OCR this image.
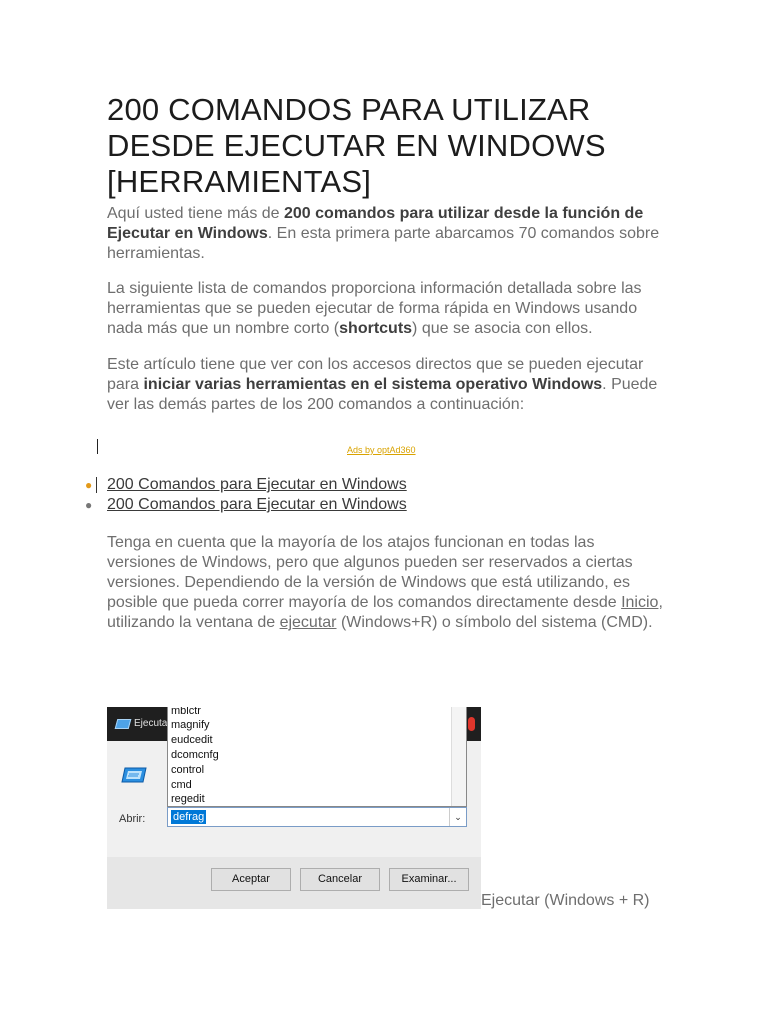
200 COMANDOS PARA UTILIZAR DESDE EJECUTAR EN WINDOWS [HERRAMIENTAS]

Aquí usted tiene más de 200 comandos para utilizar desde la función de Ejecutar en Windows. En esta primera parte abarcamos 70 comandos sobre herramientas.

La siguiente lista de comandos proporciona información detallada sobre las herramientas que se pueden ejecutar de forma rápida en Windows usando nada más que un nombre corto (shortcuts) que se asocia con ellos.

Este artículo tiene que ver con los accesos directos que se pueden ejecutar para iniciar varias herramientas en el sistema operativo Windows. Puede ver las demás partes de los 200 comandos a continuación:

Ads by optAd360
● 200 Comandos para Ejecutar en Windows
● 200 Comandos para Ejecutar en Windows

Tenga en cuenta que la mayoría de los atajos funcionan en todas las versiones de Windows, pero que algunos pueden ser reservados a ciertas versiones. Dependiendo de la versión de Windows que está utilizando, es posible que pueda correr mayoría de los comandos directamente desde Inicio, utilizando la ventana de ejecutar (Windows+R) o símbolo del sistema (CMD).

Ejecuta
mblctr
magnify
eudcedit
dcomcnfg
control
cmd
regedit
Abrir:	defrag	⌄
Aceptar	Cancelar	Examinar...
Ejecutar (Windows + R)
